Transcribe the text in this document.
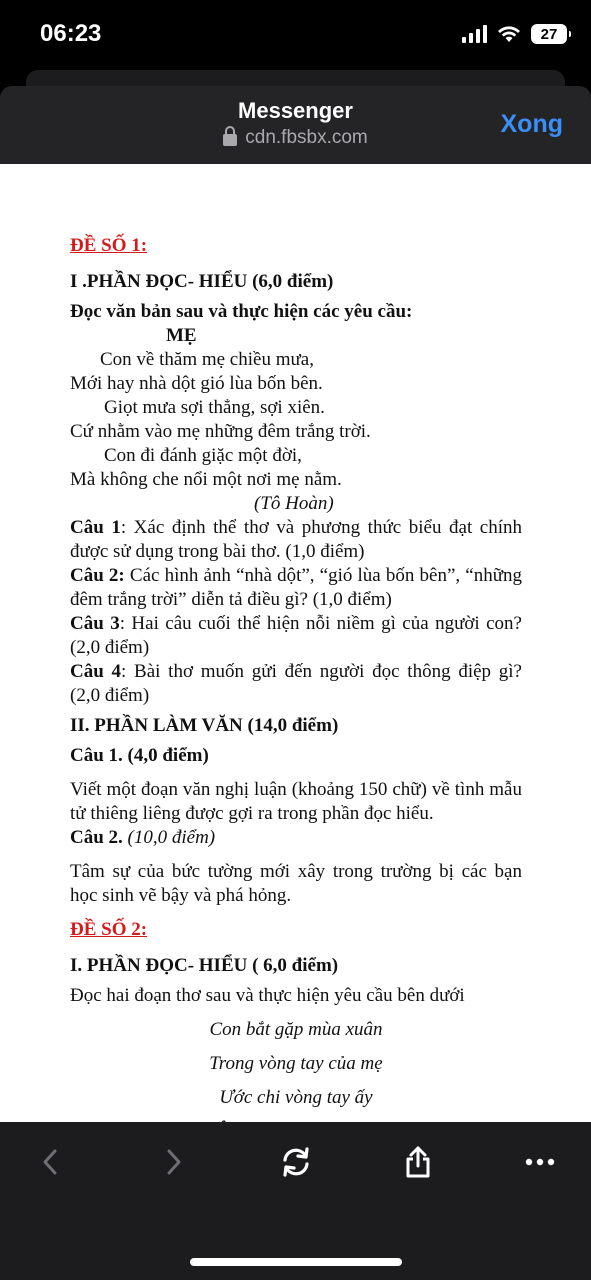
06:23	27
Messenger
cdn.fbsbx.com	Xong
ĐỀ SỐ 1:
I .PHẦN ĐỌC- HIỂU (6,0 điểm)
Đọc văn bản sau và thực hiện các yêu cầu:
MẸ
Con về thăm mẹ chiều mưa,
Mới hay nhà dột gió lùa bốn bên.
Giọt mưa sợi thẳng, sợi xiên.
Cứ nhằm vào mẹ những đêm trắng trời.
Con đi đánh giặc một đời,
Mà không che nổi một nơi mẹ nằm.
(Tô Hoàn)
Câu 1: Xác định thể thơ và phương thức biểu đạt chính được sử dụng trong bài thơ. (1,0 điểm)
Câu 2: Các hình ảnh “nhà dột”, “gió lùa bốn bên”, “những đêm trắng trời” diễn tả điều gì? (1,0 điểm)
Câu 3: Hai câu cuối thể hiện nỗi niềm gì của người con? (2,0 điểm)
Câu 4: Bài thơ muốn gửi đến người đọc thông điệp gì? (2,0 điểm)
II. PHẦN LÀM VĂN (14,0 điểm)
Câu 1. (4,0 điểm)
Viết một đoạn văn nghị luận (khoảng 150 chữ) về tình mẫu tử thiêng liêng được gợi ra trong phần đọc hiểu.
Câu 2. (10,0 điểm)
Tâm sự của bức tường mới xây trong trường bị các bạn học sinh vẽ bậy và phá hỏng.
ĐỀ SỐ 2:
I. PHẦN ĐỌC- HIỂU ( 6,0 điểm)
Đọc hai đoạn thơ sau và thực hiện yêu cầu bên dưới
Con bắt gặp mùa xuân
Trong vòng tay của mẹ
Ước chi vòng tay ấy
